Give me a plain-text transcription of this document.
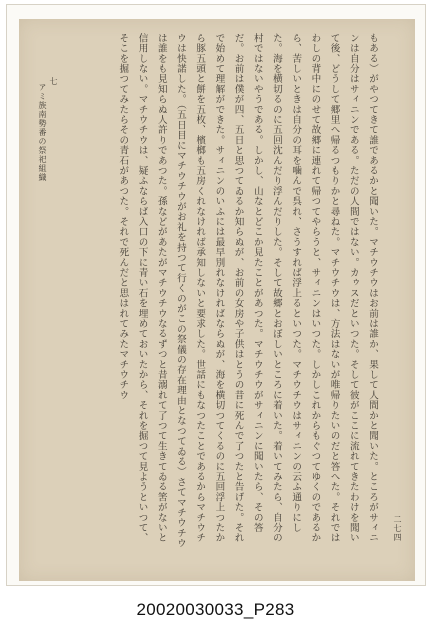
もある）がやつてきて誰であるかと聞いた。マチウチウはお前は誰か、果して人間かと聞いた。ところがサィニンは自分はサィニンである。ただの人間ではない。カゥスだといつた。そして彼がここに流れてきたわけを聞いて後、どうして郷里へ帰るつもりかと尋ねた。マチウチウは、方法はないが唯帰りたいのだと答へた。それではわしの背中にのせて故郷に連れて帰つてやらうと、サィニンはいつた。しかしこれからもぐつてゆくのであるから、苦しいときは自分の耳を噛んで呉れ、さうすれば浮上るといつた。マチウチウはサィニンの云ふ通りにした。海を横切るのに五回沈んだり浮んだりした。そして故郷とおぼしいところに着いた。着いてみたら、自分の村ではないやうである。しかし、山なとどこか見たことがあつた。マチウチウがサィニンに聞いたら、その答だ。お前は僕が四、五日と思つてゐるか知らぬが、お前の女房や子供はとうの昔に死んで了つたと告げた。それで始めて理解ができた。サィニンのいふには最早別れなければならぬが、海を横切つてくるのに五回浮上つたから豚五頭と餅を五枚、檳榔も五房くれなければ承知しないと要求した。世話にもなつたことであるからマチウチウは快諾した。（五日目にマチウチウがお礼を持つて行くのがこの祭儀の存在理由となつてゐる）さてマチウチウは誰をも見知らぬ人許りであつた。孫などがあたがマチウチウなるずつと昔溺れて了つて生きてゐる筈がないと信用しない。マチウチウは、疑ふならば入口の下に青い石を埋めておいたから、それを掘つて見ようといつて、そこを掘つてみたらその青石があつた。それで死んだと思はれてみたマチウチウ

七
アミ族南勢番の祭祀組織
二七四
20020030033_P283
